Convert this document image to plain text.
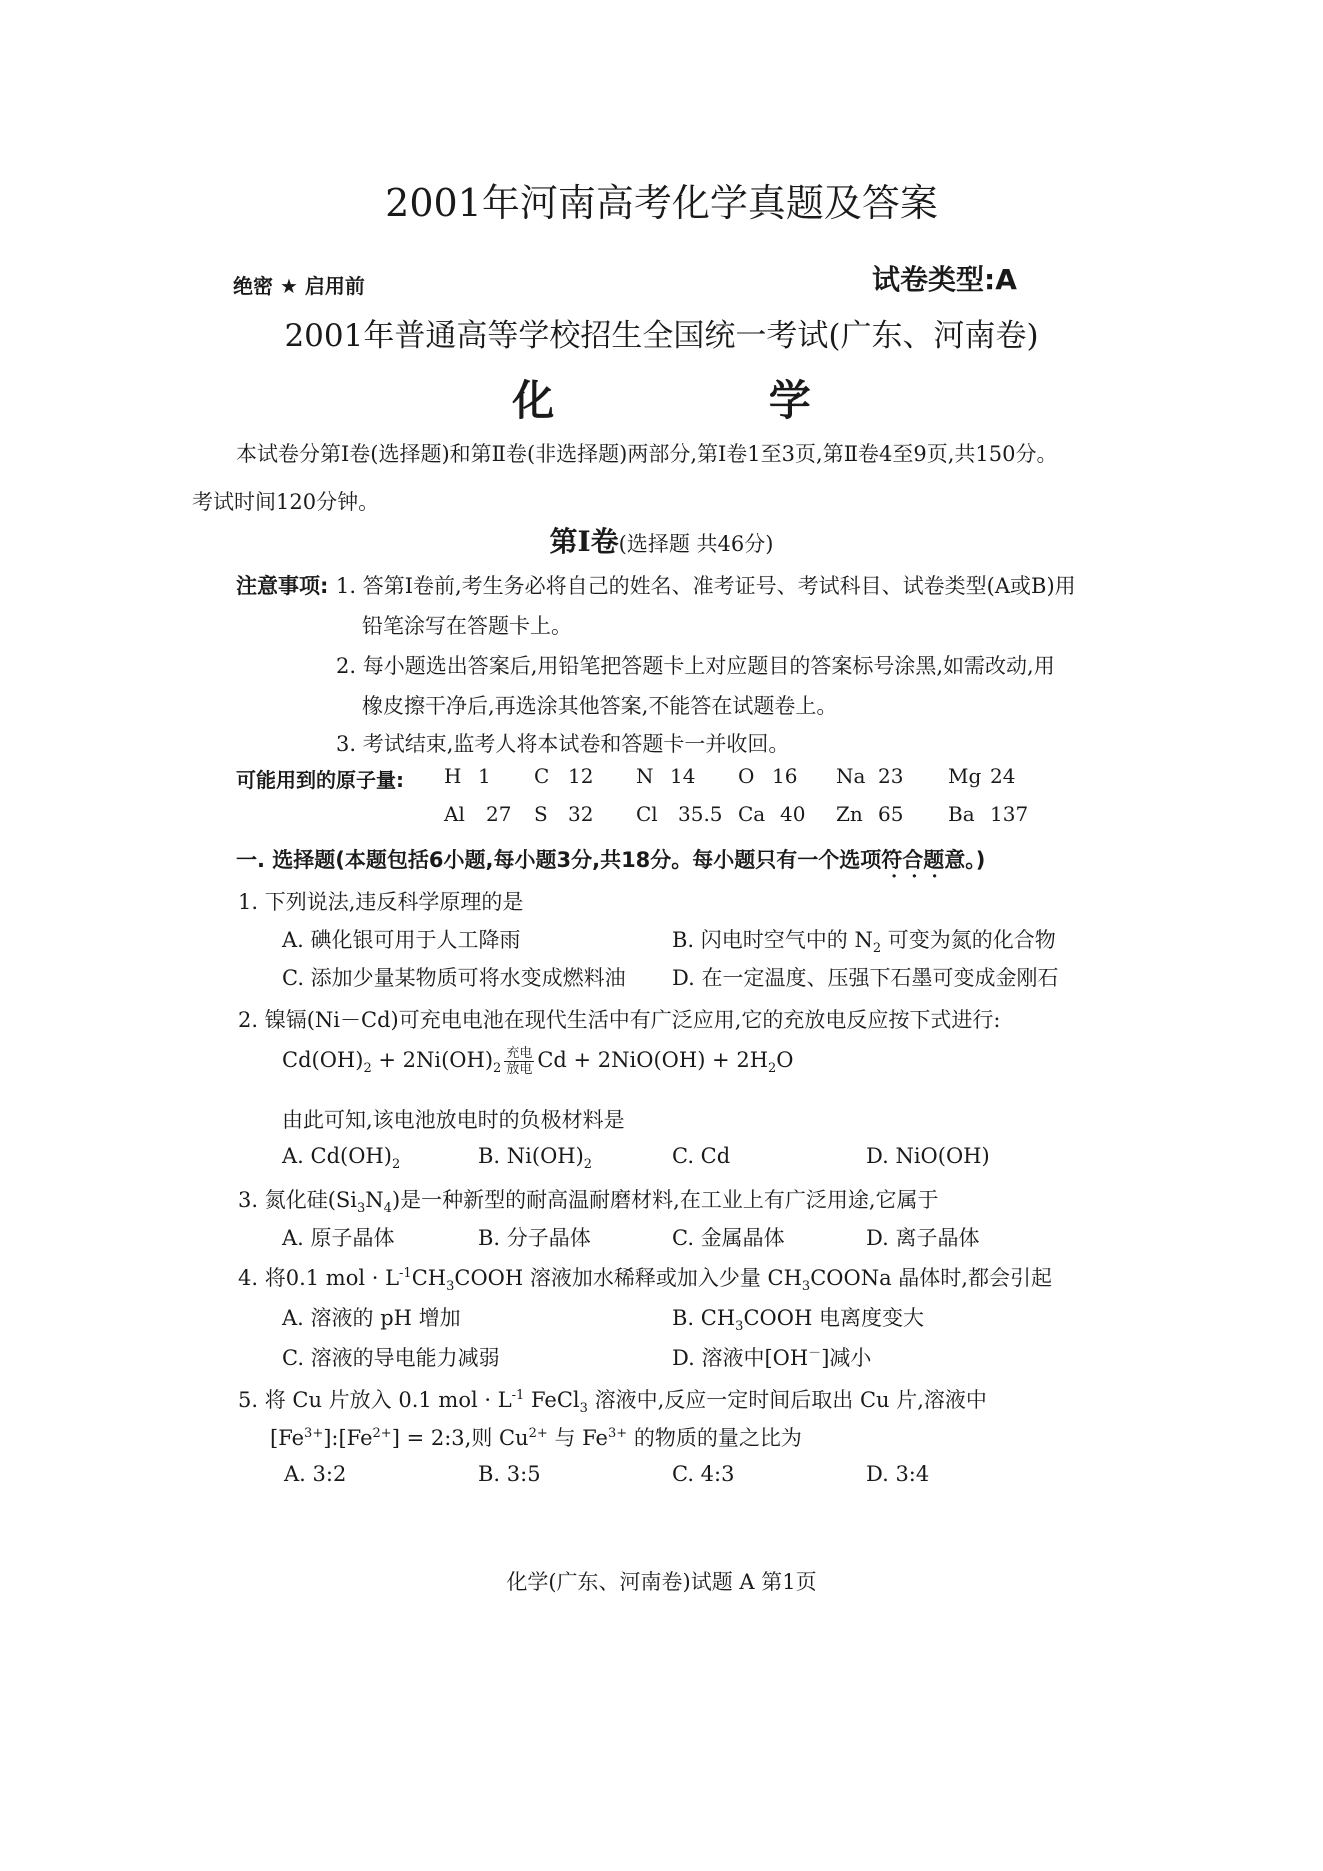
2001年河南高考化学真题及答案
绝密 ★ 启用前	试卷类型:A
2001年普通高等学校招生全国统一考试(广东、河南卷)
化 学
本试卷分第Ⅰ卷(选择题)和第Ⅱ卷(非选择题)两部分,第Ⅰ卷1至3页,第Ⅱ卷4至9页,共150分。考试时间120分钟。
第Ⅰ卷(选择题 共46分)
注意事项: 1. 答第Ⅰ卷前,考生务必将自己的姓名、准考证号、考试科目、试卷类型(A或B)用
铅笔涂写在答题卡上。
2. 每小题选出答案后,用铅笔把答题卡上对应题目的答案标号涂黑,如需改动,用
橡皮擦干净后,再选涂其他答案,不能答在试题卷上。
3. 考试结束,监考人将本试卷和答题卡一并收回。
可能用到的原子量: H 1 C 12 N 14 O 16 Na 23 Mg 24
Al 27 S 32 Cl 35.5 Ca 40 Zn 65 Ba 137
一. 选择题(本题包括6小题,每小题3分,共18分。每小题只有一个选项符合题意。)
···
1. 下列说法,违反科学原理的是
A. 碘化银可用于人工降雨	B. 闪电时空气中的 $N_2$ 可变为氮的化合物
C. 添加少量某物质可将水变成燃料油 D. 在一定温度、压强下石墨可变成金刚石
2. 镍镉(Ni－Cd)可充电电池在现代生活中有广泛应用,它的充放电反应按下式进行:
$Cd(OH)_2 + 2Ni(OH)_2 \frac{\text{充电}}{\text{放电}}$ $Cd + 2NiO(OH) + 2H_2O$
由此可知,该电池放电时的负极材料是
A. $Cd(OH)_2$	B. $Ni(OH)_2$	C. Cd	D. NiO(OH)
3. 氮化硅$(Si_3N_4)$是一种新型的耐高温耐磨材料,在工业上有广泛用途,它属于
A. 原子晶体	B. 分子晶体	C. 金属晶体	D. 离子晶体
4. 将0.1 mol · $L^{-1}CH_3COOH$ 溶液加水稀释或加入少量 $CH_3COONa$ 晶体时,都会引起
A. 溶液的 pH 增加	B. $CH_3COOH$ 电离度变大
C. 溶液的导电能力减弱	D. 溶液中[OH－]减小
5. 将 Cu 片放入 0.1 mol · $L^{-1}$ FeCl$_3$ 溶液中,反应一定时间后取出 Cu 片,溶液中
$[Fe^{3+}]:[Fe^{2+}]$ = 2:3,则 $Cu^{2+}$ 与 $Fe^{3+}$ 的物质的量之比为
A. 3:2	B. 3:5	C. 4:3	D. 3:4
化学(广东、河南卷)试题 A 第1页
